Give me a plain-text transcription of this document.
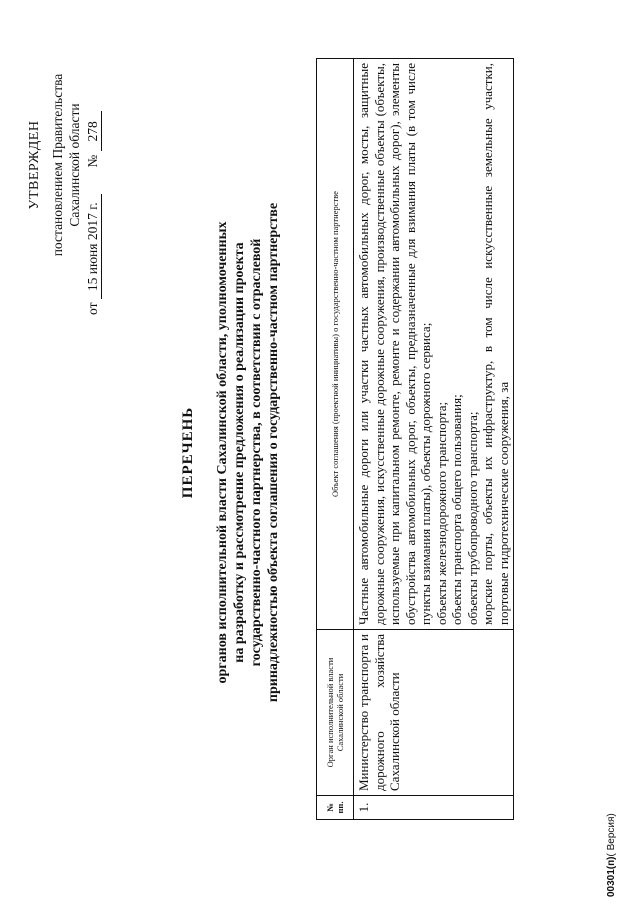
УТВЕРЖДЕН постановлением Правительства Сахалинской области
от 15 июня 2017 г.  № 278
ПЕРЕЧЕНЬ органов исполнительной власти Сахалинской области, уполномоченных на разработку и рассмотрение предложения о реализации проекта государственно-частного партнерства, в соответствии с отраслевой принадлежностью объекта соглашения о государственно-частном партнерстве
№ пп.	Орган исполнительной власти Сахалинской области	Объект соглашения (проектной инициативы) о государственно-частном партнерстве
1.	Министерство транспорта и дорожного хозяйства Сахалинской области	Частные автомобильные дороги или участки частных автомобильных дорог, мосты, защитные дорожные сооружения, искусственные дорожные сооружения, производственные объекты (объекты, используемые при капитальном ремонте, ремонте и содержании автомобильных дорог), элементы обустройства автомобильных дорог, объекты, предназначенные для взимания платы (в том числе пункты взимания платы), объекты дорожного сервиса; объекты железнодорожного транспорта; объекты транспорта общего пользования; объекты трубопроводного транспорта; морские порты, объекты их инфраструктур, в том числе искусственные земельные участки, портовые гидротехнические сооружения, за

00301(п)( Версия)
